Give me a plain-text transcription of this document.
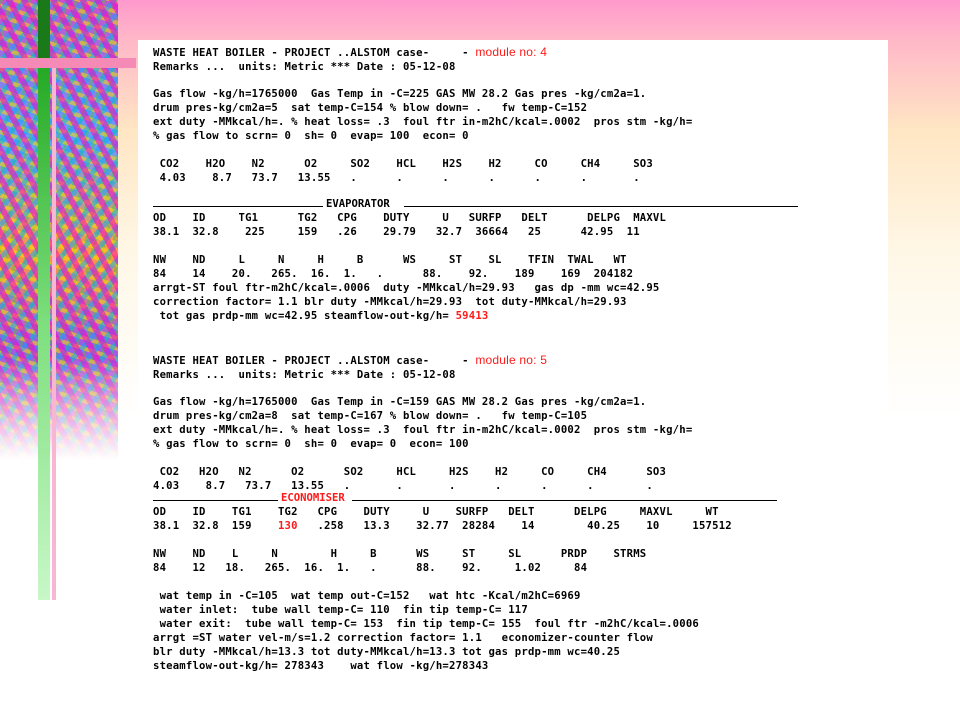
WASTE HEAT BOILER - PROJECT ..ALSTOM case-     - module no: 4
Remarks ...  units: Metric *** Date : 05-12-08
Gas flow -kg/h=1765000  Gas Temp in -C=225 GAS MW 28.2 Gas pres -kg/cm2a=1.
drum pres-kg/cm2a=5  sat temp-C=154 % blow down= .   fw temp-C=152
ext duty -MMkcal/h=. % heat loss= .3  foul ftr in-m2hC/kcal=.0002  pros stm -kg/h=
% gas flow to scrn= 0  sh= 0  evap= 100  econ= 0
CO2    H2O    N2      O2     SO2    HCL    H2S    H2     CO     CH4     SO3
4.03    8.7   73.7   13.55   .      .      .      .      .      .       .
EVAPORATOR
OD    ID     TG1      TG2   CPG    DUTY     U   SURFP   DELT      DELPG  MAXVL
38.1  32.8    225     159   .26    29.79   32.7  36664   25      42.95  11
NW    ND     L     N     H     B      WS     ST    SL    TFIN  TWAL   WT
84    14    20.   265.  16.  1.   .      88.    92.    189    169  204182
arrgt-ST foul ftr-m2hC/kcal=.0006  duty -MMkcal/h=29.93   gas dp -mm wc=42.95
correction factor= 1.1 blr duty -MMkcal/h=29.93  tot duty-MMkcal/h=29.93
tot gas prdp-mm wc=42.95 steamflow-out-kg/h= 59413
WASTE HEAT BOILER - PROJECT ..ALSTOM case-     - module no: 5
Remarks ...  units: Metric *** Date : 05-12-08
Gas flow -kg/h=1765000  Gas Temp in -C=159 GAS MW 28.2 Gas pres -kg/cm2a=1.
drum pres-kg/cm2a=8  sat temp-C=167 % blow down= .   fw temp-C=105
ext duty -MMkcal/h=. % heat loss= .3  foul ftr in-m2hC/kcal=.0002  pros stm -kg/h=
% gas flow to scrn= 0  sh= 0  evap= 0  econ= 100
CO2   H2O   N2      O2      SO2     HCL     H2S    H2     CO     CH4      SO3
4.03    8.7   73.7   13.55   .       .       .      .      .      .        .
ECONOMISER
OD    ID    TG1    TG2   CPG    DUTY     U    SURFP   DELT      DELPG     MAXVL     WT
38.1  32.8  159    130   .258   13.3    32.77  28284    14        40.25    10     157512
NW    ND    L     N        H     B      WS     ST     SL      PRDP    STRMS
84    12   18.   265.  16.  1.   .      88.    92.     1.02     84
wat temp in -C=105  wat temp out-C=152   wat htc -Kcal/m2hC=6969
water inlet:  tube wall temp-C= 110  fin tip temp-C= 117
water exit:  tube wall temp-C= 153  fin tip temp-C= 155  foul ftr -m2hC/kcal=.0006
arrgt =ST water vel-m/s=1.2 correction factor= 1.1   economizer-counter flow
blr duty -MMkcal/h=13.3 tot duty-MMkcal/h=13.3 tot gas prdp-mm wc=40.25
steamflow-out-kg/h= 278343    wat flow -kg/h=278343
